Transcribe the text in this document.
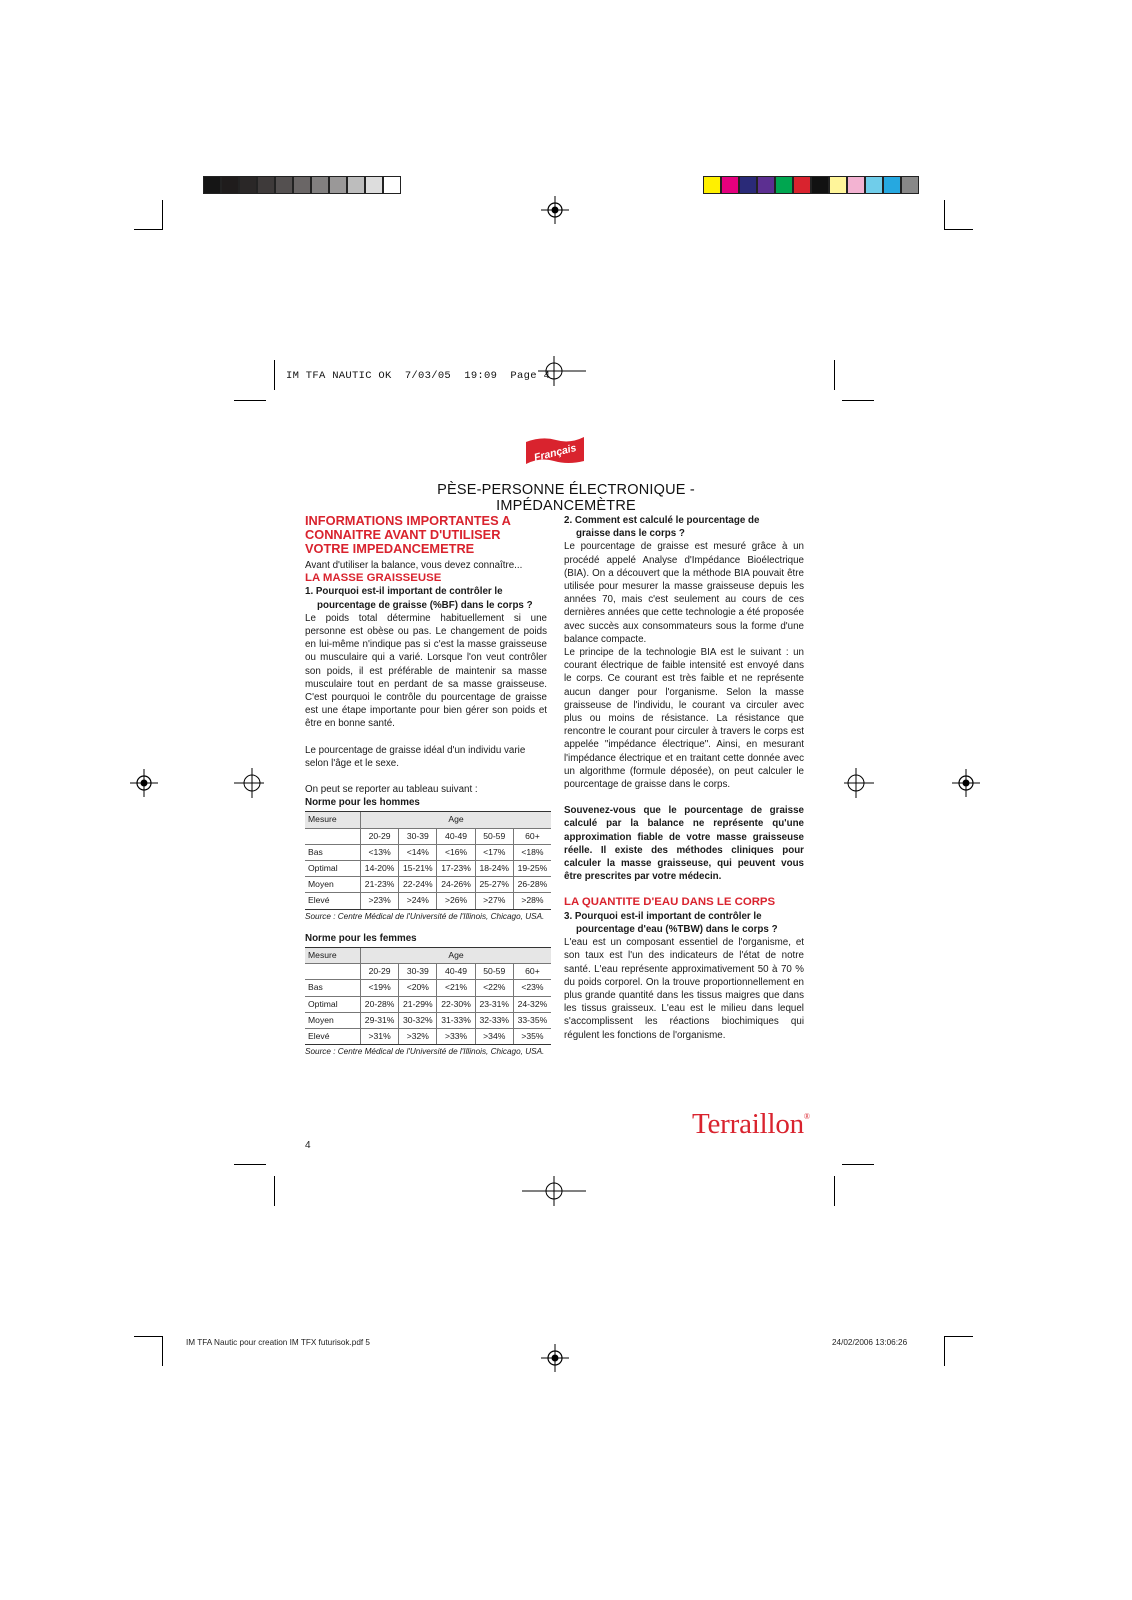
IM TFA NAUTIC OK  7/03/05  19:09  Page 4
Français
PÈSE-PERSONNE ÉLECTRONIQUE - IMPÉDANCEMÈTRE

INFORMATIONS IMPORTANTES A CONNAITRE AVANT D'UTILISER VOTRE IMPEDANCEMETRE

Avant d'utiliser la balance, vous devez connaître...

LA MASSE GRAISSEUSE

1. Pourquoi est-il important de contrôler le
pourcentage de graisse (%BF) dans le corps ?

Le poids total détermine habituellement si une personne est obèse ou pas. Le changement de poids en lui-même n'indique pas si c'est la masse graisseuse ou musculaire qui a varié. Lorsque l'on veut contrôler son poids, il est préférable de maintenir sa masse musculaire tout en perdant de sa masse graisseuse. C'est pourquoi le contrôle du pourcentage de graisse est une étape importante pour bien gérer son poids et être en bonne santé.

Le pourcentage de graisse idéal d'un individu varie selon l'âge et le sexe.

On peut se reporter au tableau suivant :

Norme pour les hommes

Mesure	Age				
	20-29	30-39	40-49	50-59	60+
Bas	<13%	<14%	<16%	<17%	<18%
Optimal	14-20%	15-21%	17-23%	18-24%	19-25%
Moyen	21-23%	22-24%	24-26%	25-27%	26-28%
Elevé	>23%	>24%	>26%	>27%	>28%

Source : Centre Médical de l'Université de l'Illinois, Chicago, USA.

Norme pour les femmes

Mesure	Age				
	20-29	30-39	40-49	50-59	60+
Bas	<19%	<20%	<21%	<22%	<23%
Optimal	20-28%	21-29%	22-30%	23-31%	24-32%
Moyen	29-31%	30-32%	31-33%	32-33%	33-35%
Elevé	>31%	>32%	>33%	>34%	>35%

Source : Centre Médical de l'Université de l'Illinois, Chicago, USA.

2. Comment est calculé le pourcentage de
graisse dans le corps ?

Le pourcentage de graisse est mesuré grâce à un procédé appelé Analyse d'Impédance Bioélectrique (BIA). On a découvert que la méthode BIA pouvait être utilisée pour mesurer la masse graisseuse depuis les années 70, mais c'est seulement au cours de ces dernières années que cette technologie a été proposée avec succès aux consommateurs sous la forme d'une balance compacte.

Le principe de la technologie BIA est le suivant : un courant électrique de faible intensité est envoyé dans le corps. Ce courant est très faible et ne représente aucun danger pour l'organisme. Selon la masse graisseuse de l'individu, le courant va circuler avec plus ou moins de résistance. La résistance que rencontre le courant pour circuler à travers le corps est appelée "impédance électrique". Ainsi, en mesurant l'impédance électrique et en traitant cette donnée avec un algorithme (formule déposée), on peut calculer le pourcentage de graisse dans le corps.

Souvenez-vous que le pourcentage de graisse calculé par la balance ne représente qu'une approximation fiable de votre masse graisseuse réelle. Il existe des méthodes cliniques pour calculer la masse graisseuse, qui peuvent vous être prescrites par votre médecin.

LA QUANTITE D'EAU DANS LE CORPS

3. Pourquoi est-il important de contrôler le
pourcentage d'eau (%TBW) dans le corps ?

L'eau est un composant essentiel de l'organisme, et son taux est l'un des indicateurs de l'état de notre santé. L'eau représente approximativement 50 à 70 % du poids corporel. On la trouve proportionnellement en plus grande quantité dans les tissus maigres que dans les tissus graisseux. L'eau est le milieu dans lequel s'accomplissent les réactions biochimiques qui régulent les fonctions de l'organisme.

Terraillon®
4
IM TFA Nautic pour creation IM TFX futurisok.pdf 5	24/02/2006 13:06:26
